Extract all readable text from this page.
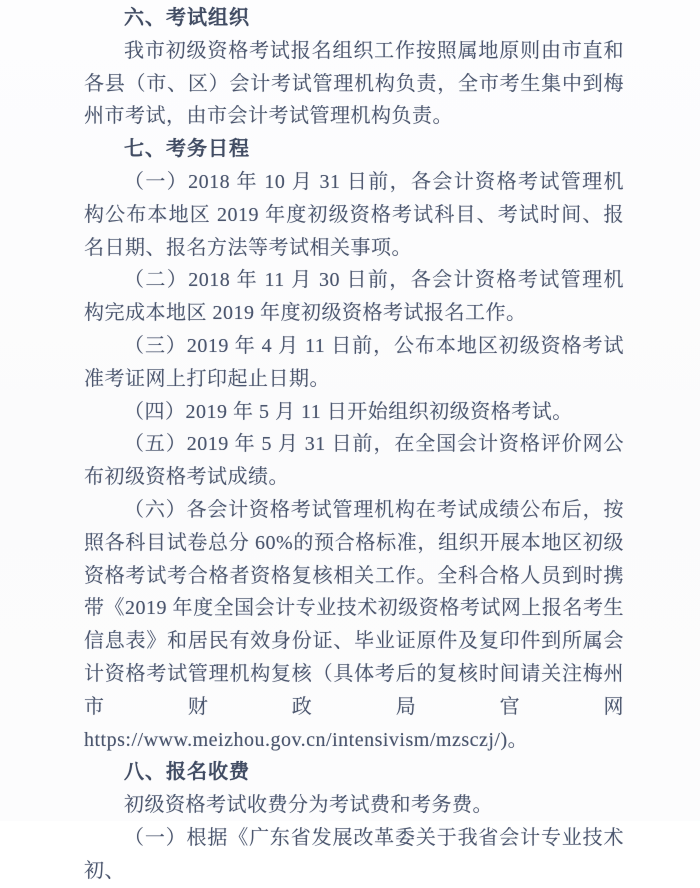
六、考试组织

我市初级资格考试报名组织工作按照属地原则由市直和各县（市、区）会计考试管理机构负责，全市考生集中到梅州市考试，由市会计考试管理机构负责。

七、考务日程

（一）2018 年 10 月 31 日前，各会计资格考试管理机构公布本地区 2019 年度初级资格考试科目、考试时间、报名日期、报名方法等考试相关事项。

（二）2018 年 11 月 30 日前，各会计资格考试管理机构完成本地区 2019 年度初级资格考试报名工作。

（三）2019 年 4 月 11 日前，公布本地区初级资格考试准考证网上打印起止日期。

（四）2019 年 5 月 11 日开始组织初级资格考试。

（五）2019 年 5 月 31 日前，在全国会计资格评价网公布初级资格考试成绩。

（六）各会计资格考试管理机构在考试成绩公布后，按照各科目试卷总分 60%的预合格标准，组织开展本地区初级资格考试考合格者资格复核相关工作。全科合格人员到时携带《2019 年度全国会计专业技术初级资格考试网上报名考生信息表》和居民有效身份证、毕业证原件及复印件到所属会计资格考试管理机构复核（具体考后的复核时间请关注梅州市财政局官网 https://www.meizhou.gov.cn/intensivism/mzsczj/)。

八、报名收费

初级资格考试收费分为考试费和考务费。

（一）根据《广东省发展改革委关于我省会计专业技术初、
